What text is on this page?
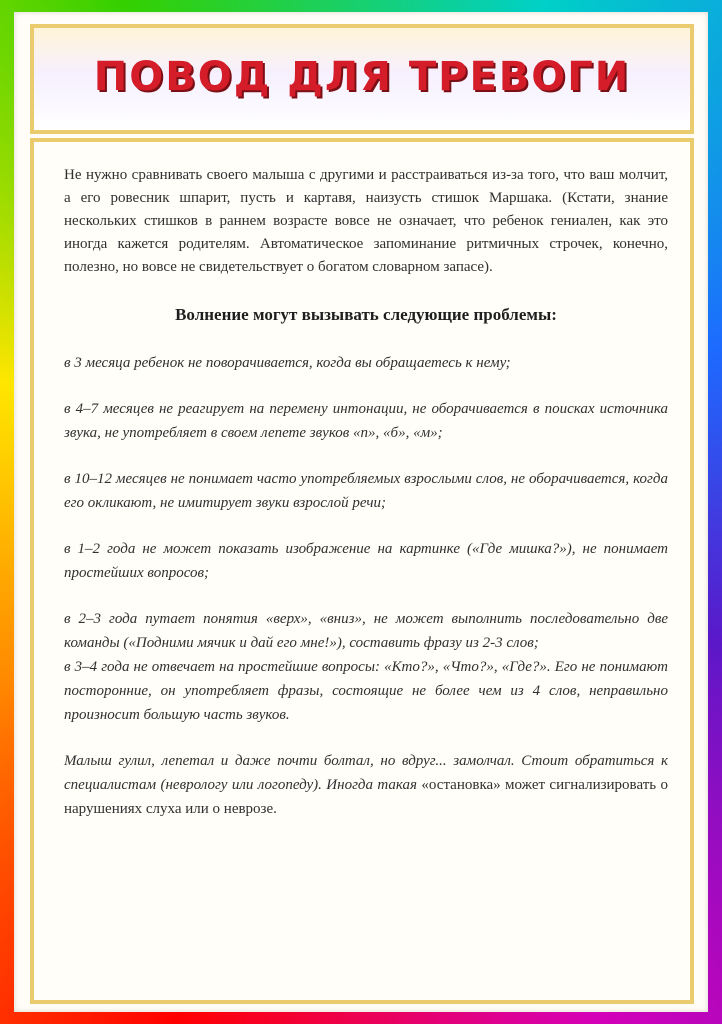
ПОВОД ДЛЯ ТРЕВОГИ

Не нужно сравнивать своего малыша с другими и расстраиваться из-за того, что ваш молчит, а его ровесник шпарит, пусть и картавя, наизусть стишок Маршака. (Кстати, знание нескольких стишков в раннем возрасте вовсе не означает, что ребенок гениален, как это иногда кажется родителям. Автоматическое запоминание ритмичных строчек, конечно, полезно, но вовсе не свидетельствует о богатом словарном запасе).

Волнение могут вызывать следующие проблемы:

в 3 месяца ребенок не поворачивается, когда вы обращаетесь к нему;
в 4–7 месяцев не реагирует на перемену интонации, не оборачивается в поисках источника звука, не употребляет в своем лепете звуков «п», «б», «м»;
в 10–12 месяцев не понимает часто употребляемых взрослыми слов, не оборачивается, когда его окликают, не имитирует звуки взрослой речи;
в 1–2 года не может показать изображение на картинке («Где мишка?»), не понимает простейших вопросов;
в 2–3 года путает понятия «верх», «вниз», не может выполнить последовательно две команды («Подними мячик и дай его мне!»), составить фразу из 2-3 слов;
в 3–4 года не отвечает на простейшие вопросы: «Кто?», «Что?», «Где?». Его не понимают посторонние, он употребляет фразы, состоящие не более чем из 4 слов, неправильно произносит большую часть звуков.

Малыш гулил, лепетал и даже почти болтал, но вдруг... замолчал. Стоит обратиться к специалистам (неврологу или логопеду). Иногда такая «остановка» может сигнализировать о нарушениях слуха или о неврозе.
